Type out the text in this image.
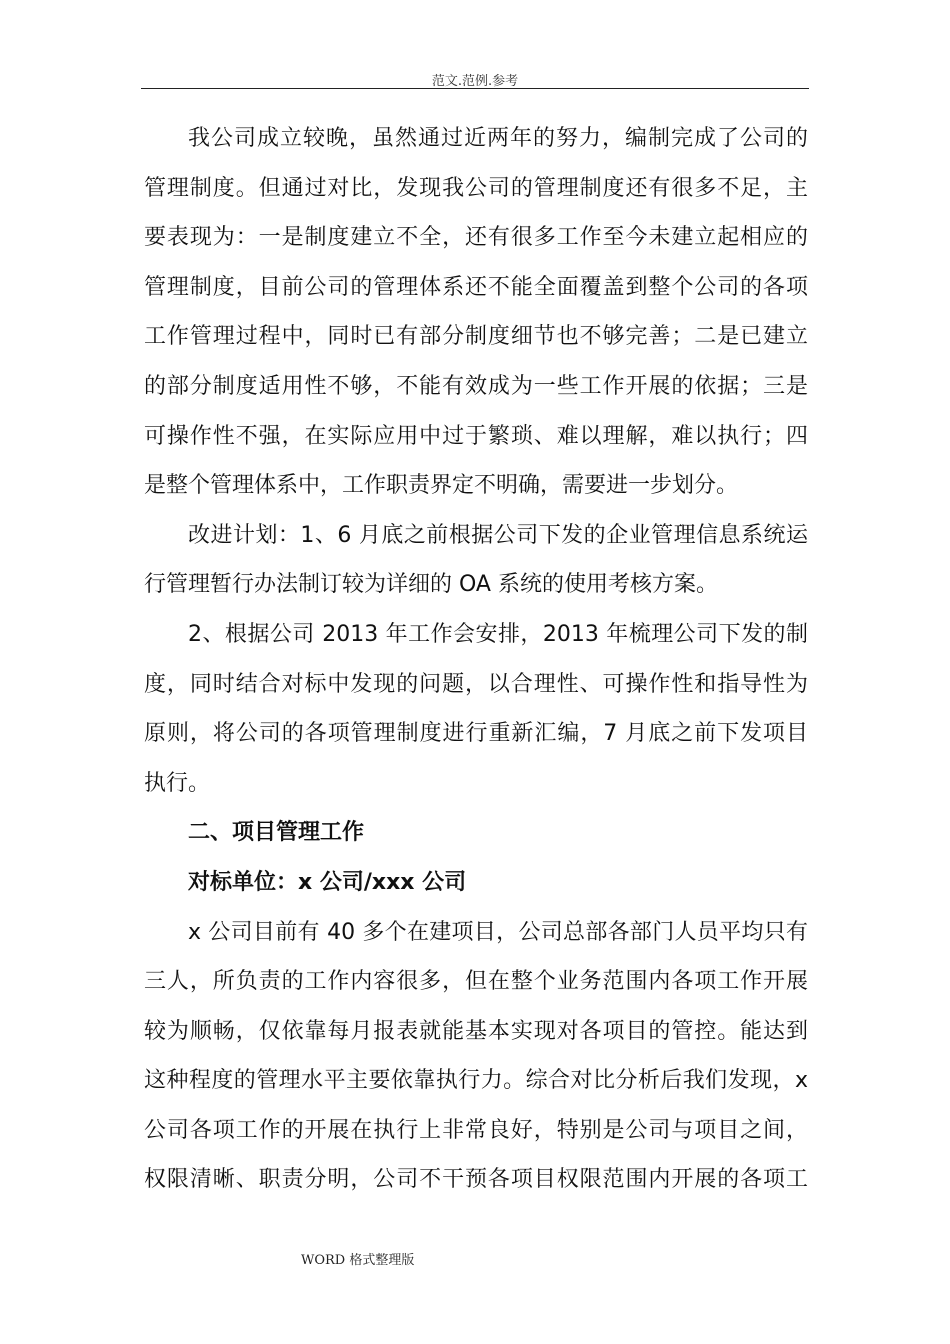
范文.范例.参考
我公司成立较晚，虽然通过近两年的努力，编制完成了公司的
管理制度。但通过对比，发现我公司的管理制度还有很多不足，主
要表现为：一是制度建立不全，还有很多工作至今未建立起相应的
管理制度，目前公司的管理体系还不能全面覆盖到整个公司的各项
工作管理过程中，同时已有部分制度细节也不够完善；二是已建立
的部分制度适用性不够，不能有效成为一些工作开展的依据；三是
可操作性不强，在实际应用中过于繁琐、难以理解，难以执行；四
是整个管理体系中，工作职责界定不明确，需要进一步划分。
改进计划：1、6 月底之前根据公司下发的企业管理信息系统运
行管理暂行办法制订较为详细的 OA 系统的使用考核方案。
2、根据公司 2013 年工作会安排，2013 年梳理公司下发的制
度，同时结合对标中发现的问题，以合理性、可操作性和指导性为
原则，将公司的各项管理制度进行重新汇编，7 月底之前下发项目
执行。
二、项目管理工作
对标单位：x 公司/xxx 公司
x 公司目前有 40 多个在建项目，公司总部各部门人员平均只有
三人，所负责的工作内容很多，但在整个业务范围内各项工作开展
较为顺畅，仅依靠每月报表就能基本实现对各项目的管控。能达到
这种程度的管理水平主要依靠执行力。综合对比分析后我们发现，x
公司各项工作的开展在执行上非常良好，特别是公司与项目之间，
权限清晰、职责分明，公司不干预各项目权限范围内开展的各项工
WORD 格式整理版
